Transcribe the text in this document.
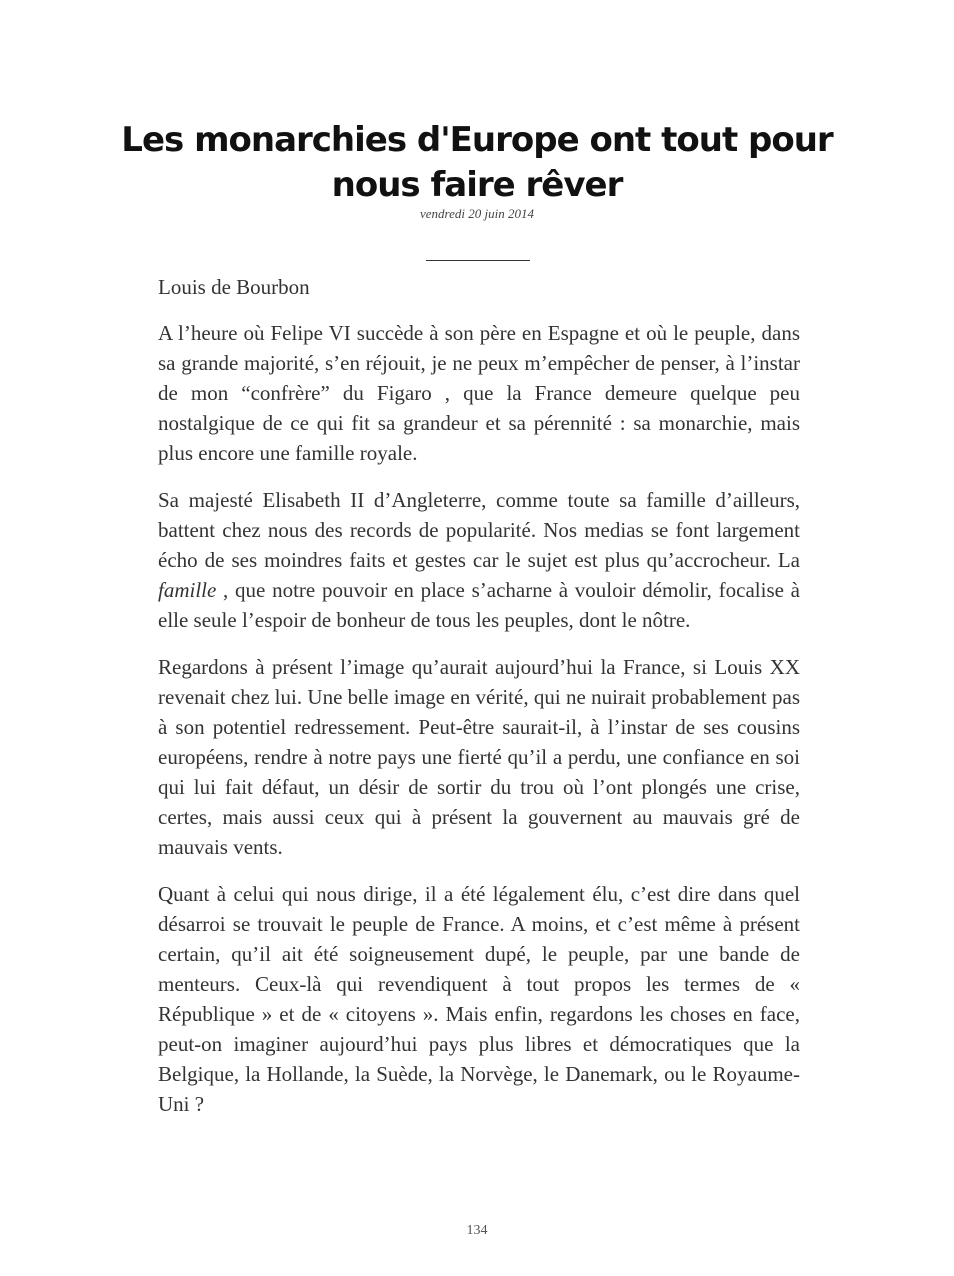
Les monarchies d'Europe ont tout pour nous faire rêver
vendredi 20 juin 2014

Louis de Bourbon

A l’heure où Felipe VI succède à son père en Espagne et où le peuple, dans sa grande majorité, s’en réjouit, je ne peux m’empêcher de penser, à l’instar de mon “confrère” du Figaro , que la France demeure quelque peu nostalgique de ce qui fit sa grandeur et sa pérennité : sa monarchie, mais plus encore une famille royale.

Sa majesté Elisabeth II d’Angleterre, comme toute sa famille d’ailleurs, battent chez nous des records de popularité. Nos medias se font largement écho de ses moindres faits et gestes car le sujet est plus qu’accrocheur. La famille , que notre pouvoir en place s’acharne à vouloir démolir, focalise à elle seule l’espoir de bonheur de tous les peuples, dont le nôtre.

Regardons à présent l’image qu’aurait aujourd’hui la France, si Louis XX revenait chez lui. Une belle image en vérité, qui ne nuirait probablement pas à son potentiel redressement. Peut-être saurait-il, à l’instar de ses cousins européens, rendre à notre pays une fierté qu’il a perdu, une confiance en soi qui lui fait défaut, un désir de sortir du trou où l’ont plongés une crise, certes, mais aussi ceux qui à présent la gouvernent au mauvais gré de mauvais vents.

Quant à celui qui nous dirige, il a été légalement élu, c’est dire dans quel désarroi se trouvait le peuple de France. A moins, et c’est même à présent certain, qu’il ait été soigneusement dupé, le peuple, par une bande de menteurs. Ceux-là qui revendiquent à tout propos les termes de « République » et de « citoyens ». Mais enfin, regardons les choses en face, peut-on imaginer aujourd’hui pays plus libres et démocratiques que la Belgique, la Hollande, la Suède, la Norvège, le Danemark, ou le Royaume-Uni ?

134
